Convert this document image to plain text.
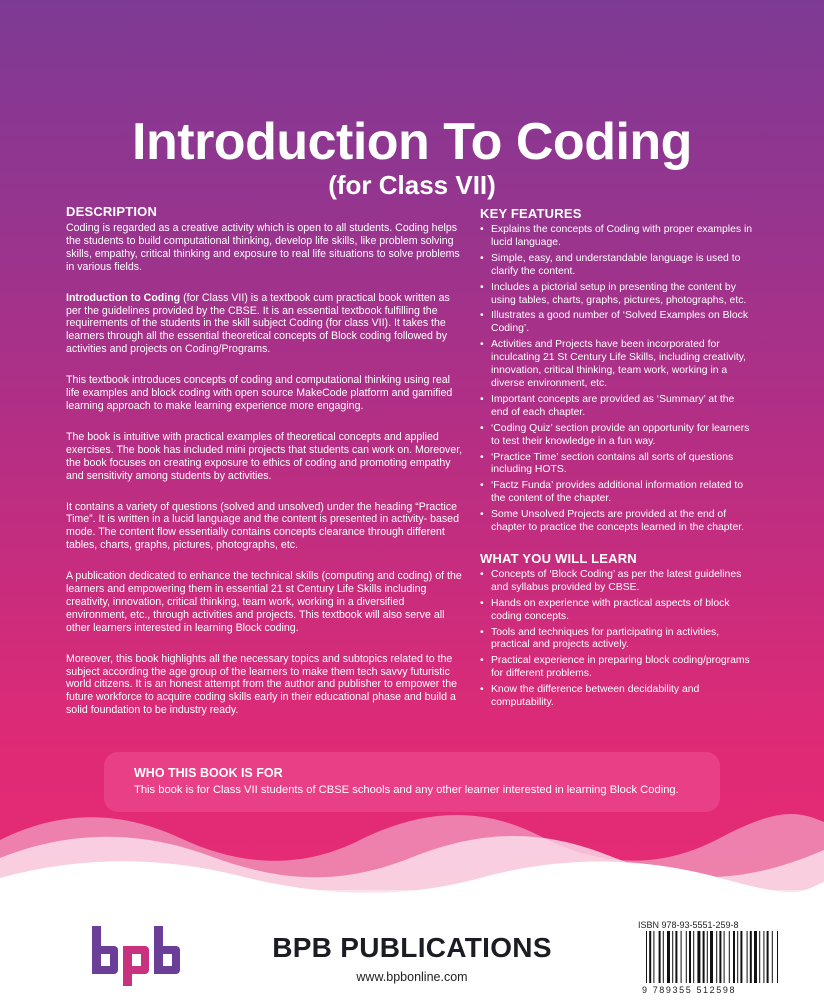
Introduction To Coding
(for Class VII)

DESCRIPTION

Coding is regarded as a creative activity which is open to all students. Coding helps the students to build computational thinking, develop life skills, like problem solving skills, empathy, critical thinking and exposure to real life situations to solve problems in various fields.

Introduction to Coding (for Class VII) is a textbook cum practical book written as per the guidelines provided by the CBSE. It is an essential textbook fulfilling the requirements of the students in the skill subject Coding (for class VII). It takes the learners through all the essential theoretical concepts of Block coding followed by activities and projects on Coding/Programs.

This textbook introduces concepts of coding and computational thinking using real life examples and block coding with open source MakeCode platform and gamified learning approach to make learning experience more engaging.

The book is intuitive with practical examples of theoretical concepts and applied exercises. The book has included mini projects that students can work on. Moreover, the book focuses on creating exposure to ethics of coding and promoting empathy and sensitivity among students by activities.

It contains a variety of questions (solved and unsolved) under the heading “Practice Time”. It is written in a lucid language and the content is presented in activity- based mode. The content flow essentially contains concepts clearance through different tables, charts, graphs, pictures, photographs, etc.

A publication dedicated to enhance the technical skills (computing and coding) of the learners and empowering them in essential 21 st Century Life Skills including creativity, innovation, critical thinking, team work, working in a diversified environment, etc., through activities and projects. This textbook will also serve all other learners interested in learning Block coding.

Moreover, this book highlights all the necessary topics and subtopics related to the subject according the age group of the learners to make them tech savvy futuristic world citizens. It is an honest attempt from the author and publisher to empower the future workforce to acquire coding skills early in their educational phase and build a solid foundation to be industry ready.

KEY FEATURES

• Explains the concepts of Coding with proper examples in lucid language.
• Simple, easy, and understandable language is used to clarify the content.
• Includes a pictorial setup in presenting the content by using tables, charts, graphs, pictures, photographs, etc.
• Illustrates a good number of ‘Solved Examples on Block Coding’.
• Activities and Projects have been incorporated for inculcating 21 St Century Life Skills, including creativity, innovation, critical thinking, team work, working in a diverse environment, etc.
• Important concepts are provided as ‘Summary’ at the end of each chapter.
• ‘Coding Quiz’ section provide an opportunity for learners to test their knowledge in a fun way.
• ‘Practice Time’ section contains all sorts of questions including HOTS.
• ‘Factz Funda’ provides additional information related to the content of the chapter.
• Some Unsolved Projects are provided at the end of chapter to practice the concepts learned in the chapter.

WHAT YOU WILL LEARN

• Concepts of ‘Block Coding’ as per the latest guidelines and syllabus provided by CBSE.
• Hands on experience with practical aspects of block coding concepts.
• Tools and techniques for participating in activities, practical and projects actively.
• Practical experience in preparing block coding/programs for different problems.
• Know the difference between decidability and computability.

WHO THIS BOOK IS FOR

This book is for Class VII students of CBSE schools and any other learner interested in learning Block Coding.

BPB PUBLICATIONS

www.bpbonline.com

ISBN 978-93-5551-259-8

9 789355 512598
